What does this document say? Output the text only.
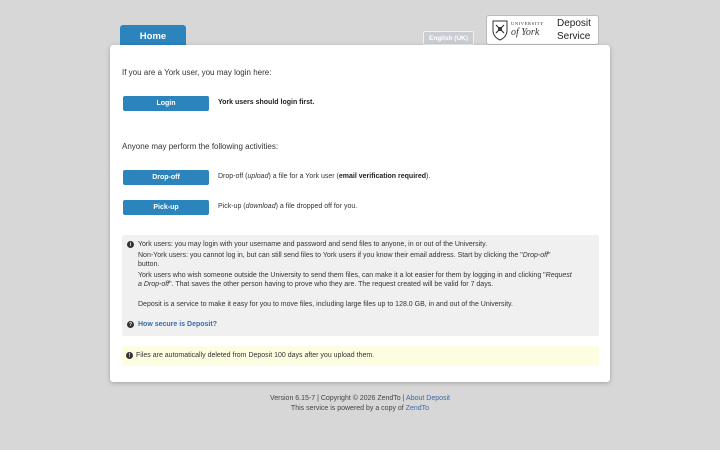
Home	English (UK)
UNIVERSITY
of York
Deposit
Service
If you are a York user, you may login here:
Login	York users should login first.
Anyone may perform the following activities:
Drop-off	Drop-off (upload) a file for a York user (email verification required).
Pick-up	Pick-up (download) a file dropped off for you.
i York users: you may login with your username and password and send files to anyone, in or out of the University.
Non-York users: you cannot log in, but can still send files to York users if you know their email address. Start by clicking the "Drop-off"
button.
York users who wish someone outside the University to send them files, can make it a lot easier for them by logging in and clicking "Request
a Drop-off". That saves the other person having to prove who they are. The request created will be valid for 7 days.
Deposit is a service to make it easy for you to move files, including large files up to 128.0 GB, in and out of the University.
? How secure is Deposit?
! Files are automatically deleted from Deposit 100 days after you upload them.
Version 6.15-7 | Copyright © 2026 ZendTo | About Deposit
This service is powered by a copy of ZendTo
